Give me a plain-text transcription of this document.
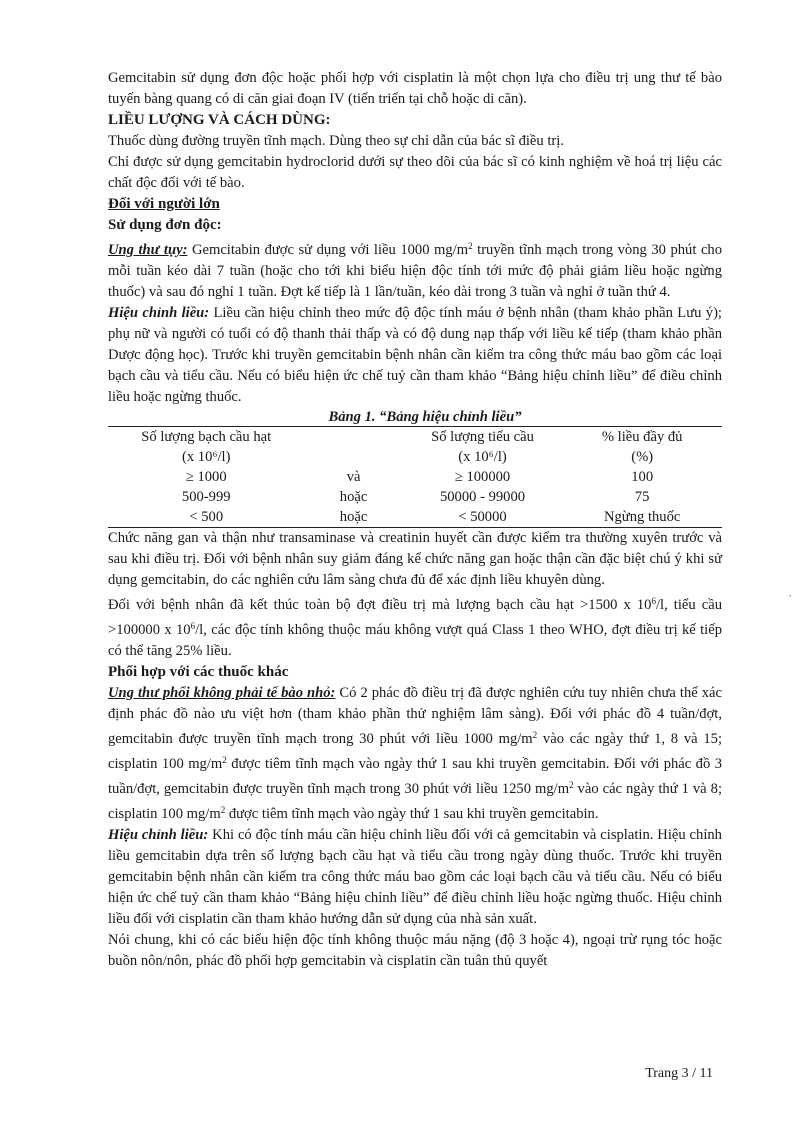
Gemcitabin sử dụng đơn độc hoặc phối hợp với cisplatin là một chọn lựa cho điều trị ung thư tế bào tuyến bàng quang có di căn giai đoạn IV (tiến triển tại chỗ hoặc di căn).

LIỀU LƯỢNG VÀ CÁCH DÙNG:

Thuốc dùng đường truyền tĩnh mạch. Dùng theo sự chỉ dẫn của bác sĩ điều trị.

Chỉ được sử dụng gemcitabin hydroclorid dưới sự theo dõi của bác sĩ có kinh nghiệm về hoá trị liệu các chất độc đối với tế bào.

Đối với người lớn

Sử dụng đơn độc:

Ung thư tụy: Gemcitabin được sử dụng với liều 1000 $mg/m^2$ truyền tĩnh mạch trong vòng 30 phút cho mỗi tuần kéo dài 7 tuần (hoặc cho tới khi biểu hiện độc tính tới mức độ phải giảm liều hoặc ngừng thuốc) và sau đó nghỉ 1 tuần. Đợt kế tiếp là 1 lần/tuần, kéo dài trong 3 tuần và nghỉ ở tuần thứ 4.

Hiệu chỉnh liều: Liều cần hiệu chỉnh theo mức độ độc tính máu ở bệnh nhân (tham khảo phần Lưu ý); phụ nữ và người có tuổi có độ thanh thải thấp và có độ dung nạp thấp với liều kế tiếp (tham khảo phần Dược động học). Trước khi truyền gemcitabin bệnh nhân cần kiểm tra công thức máu bao gồm các loại bạch cầu và tiểu cầu. Nếu có biểu hiện ức chế tuỷ cần tham khảo “Bảng hiệu chỉnh liều” để điều chỉnh liều hoặc ngừng thuốc.

Bảng 1. “Bảng hiệu chỉnh liều”
Số lượng bạch cầu hạt		Số lượng tiểu cầu	% liều đầy đủ
(x 10⁶/l)		(x 10⁶/l)	(%)
≥ 1000	và	≥ 100000	100
500-999	hoặc	50000 - 99000	75
< 500	hoặc	< 50000	Ngừng thuốc

Chức năng gan và thận như transaminase và creatinin huyết cần được kiểm tra thường xuyên trước và sau khi điều trị. Đối với bệnh nhân suy giảm đáng kể chức năng gan hoặc thận cần đặc biệt chú ý khi sử dụng gemcitabin, do các nghiên cứu lâm sàng chưa đủ để xác định liều khuyên dùng.

Đối với bệnh nhân đã kết thúc toàn bộ đợt điều trị mà lượng bạch cầu hạt >1500 x $10^6/l$, tiểu cầu >100000 x $10^6/l$, các độc tính không thuộc máu không vượt quá Class 1 theo WHO, đợt điều trị kế tiếp có thể tăng 25% liều.

Phối hợp với các thuốc khác

Ung thư phổi không phải tế bào nhỏ: Có 2 phác đồ điều trị đã được nghiên cứu tuy nhiên chưa thể xác định phác đồ nào ưu việt hơn (tham khảo phần thử nghiệm lâm sàng). Đối với phác đồ 4 tuần/đợt, gemcitabin được truyền tĩnh mạch trong 30 phút với liều 1000 $mg/m^2$ vào các ngày thứ 1, 8 và 15; cisplatin 100 $mg/m^2$ được tiêm tĩnh mạch vào ngày thứ 1 sau khi truyền gemcitabin. Đối với phác đồ 3 tuần/đợt, gemcitabin được truyền tĩnh mạch trong 30 phút với liều 1250 $mg/m^2$ vào các ngày thứ 1 và 8; cisplatin 100 $mg/m^2$ được tiêm tĩnh mạch vào ngày thứ 1 sau khi truyền gemcitabin.

Hiệu chỉnh liều: Khi có độc tính máu cần hiệu chỉnh liều đối với cả gemcitabin và cisplatin. Hiệu chỉnh liều gemcitabin dựa trên số lượng bạch cầu hạt và tiểu cầu trong ngày dùng thuốc. Trước khi truyền gemcitabin bệnh nhân cần kiểm tra công thức máu bao gồm các loại bạch cầu và tiểu cầu. Nếu có biểu hiện ức chế tuỷ cần tham khảo “Bảng hiệu chỉnh liều” để điều chỉnh liều hoặc ngừng thuốc. Hiệu chỉnh liều đối với cisplatin cần tham khảo hướng dẫn sử dụng của nhà sản xuất.

Nói chung, khi có các biểu hiện độc tính không thuộc máu nặng (độ 3 hoặc 4), ngoại trừ rụng tóc hoặc buồn nôn/nôn, phác đồ phối hợp gemcitabin và cisplatin cần tuân thủ quyết

Trang 3 / 11
·
